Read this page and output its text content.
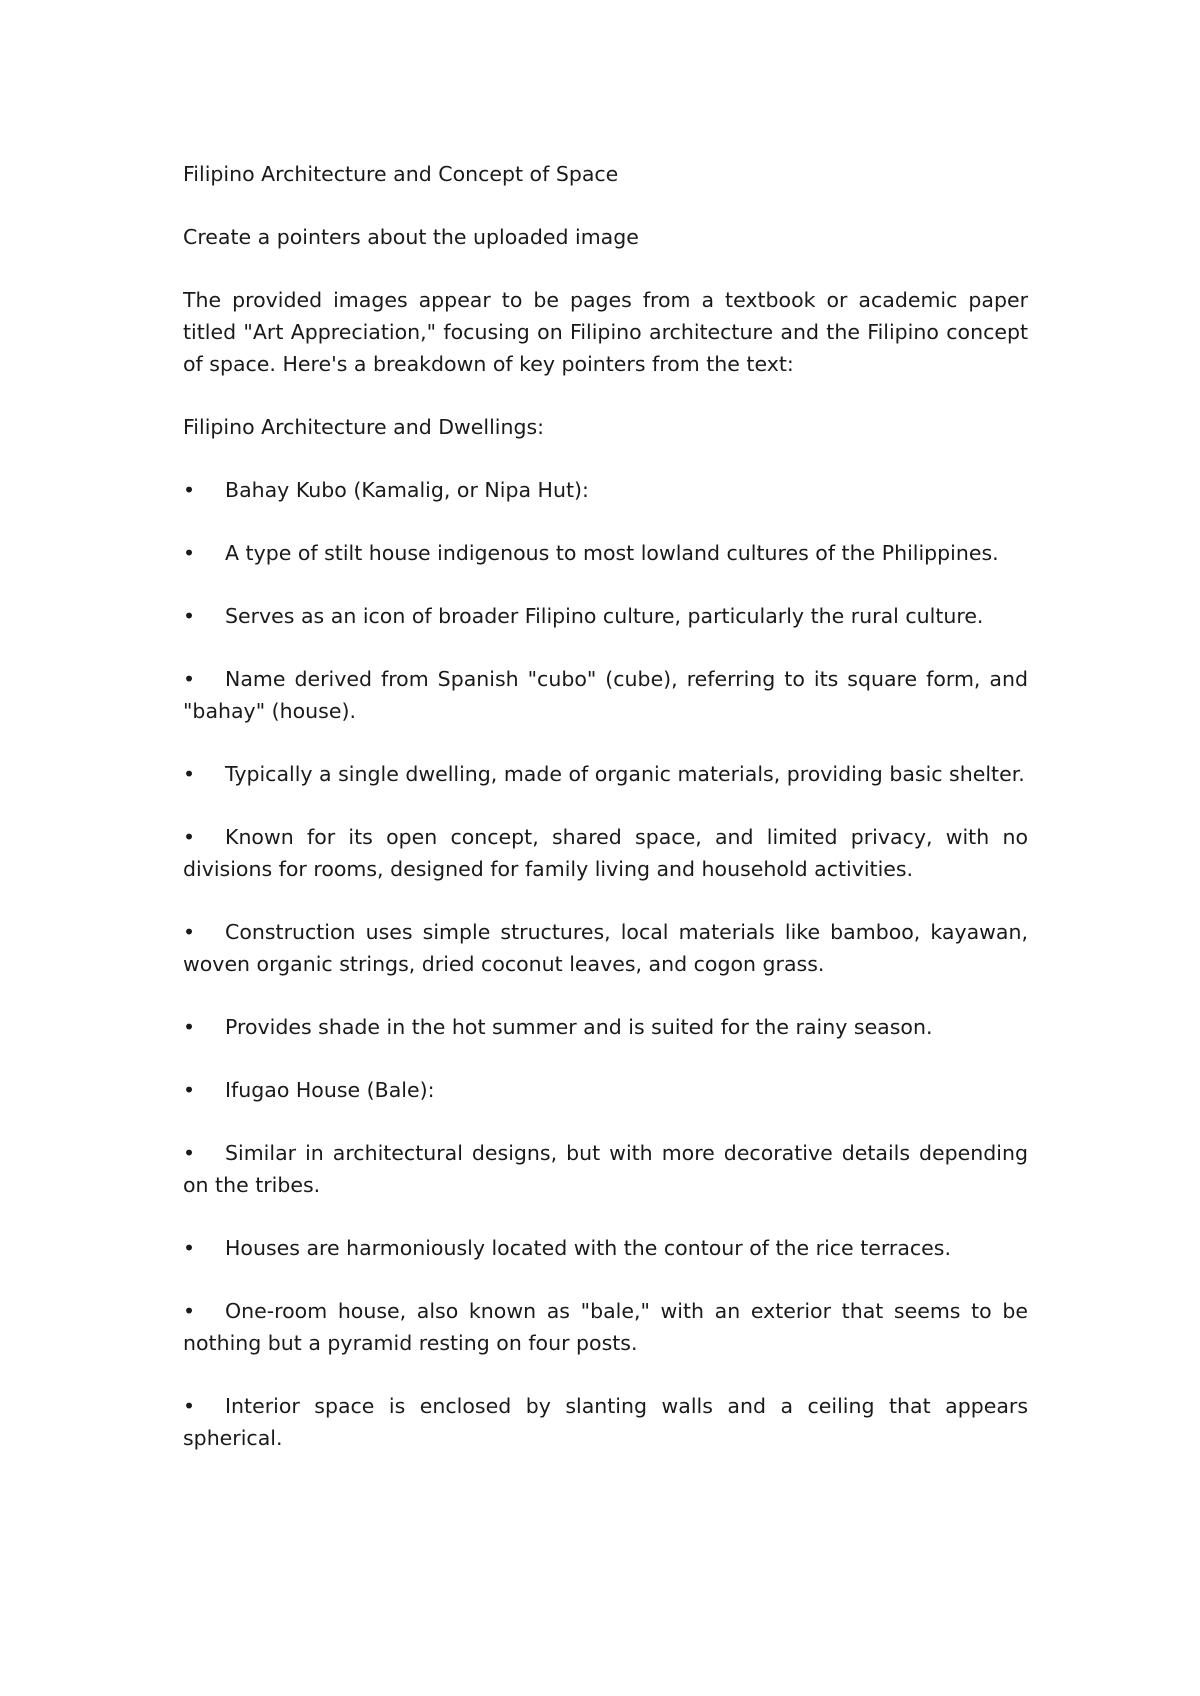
Filipino Architecture and Concept of Space

Create a pointers about the uploaded image

The provided images appear to be pages from a textbook or academic paper titled "Art Appreciation," focusing on Filipino architecture and the Filipino concept of space. Here's a breakdown of key pointers from the text:

Filipino Architecture and Dwellings:

• Bahay Kubo (Kamalig, or Nipa Hut):

• A type of stilt house indigenous to most lowland cultures of the Philippines.

• Serves as an icon of broader Filipino culture, particularly the rural culture.

• Name derived from Spanish "cubo" (cube), referring to its square form, and "bahay" (house).

• Typically a single dwelling, made of organic materials, providing basic shelter.

• Known for its open concept, shared space, and limited privacy, with no divisions for rooms, designed for family living and household activities.

• Construction uses simple structures, local materials like bamboo, kayawan, woven organic strings, dried coconut leaves, and cogon grass.

• Provides shade in the hot summer and is suited for the rainy season.

• Ifugao House (Bale):

• Similar in architectural designs, but with more decorative details depending on the tribes.

• Houses are harmoniously located with the contour of the rice terraces.

• One-room house, also known as "bale," with an exterior that seems to be nothing but a pyramid resting on four posts.

• Interior space is enclosed by slanting walls and a ceiling that appears spherical.
